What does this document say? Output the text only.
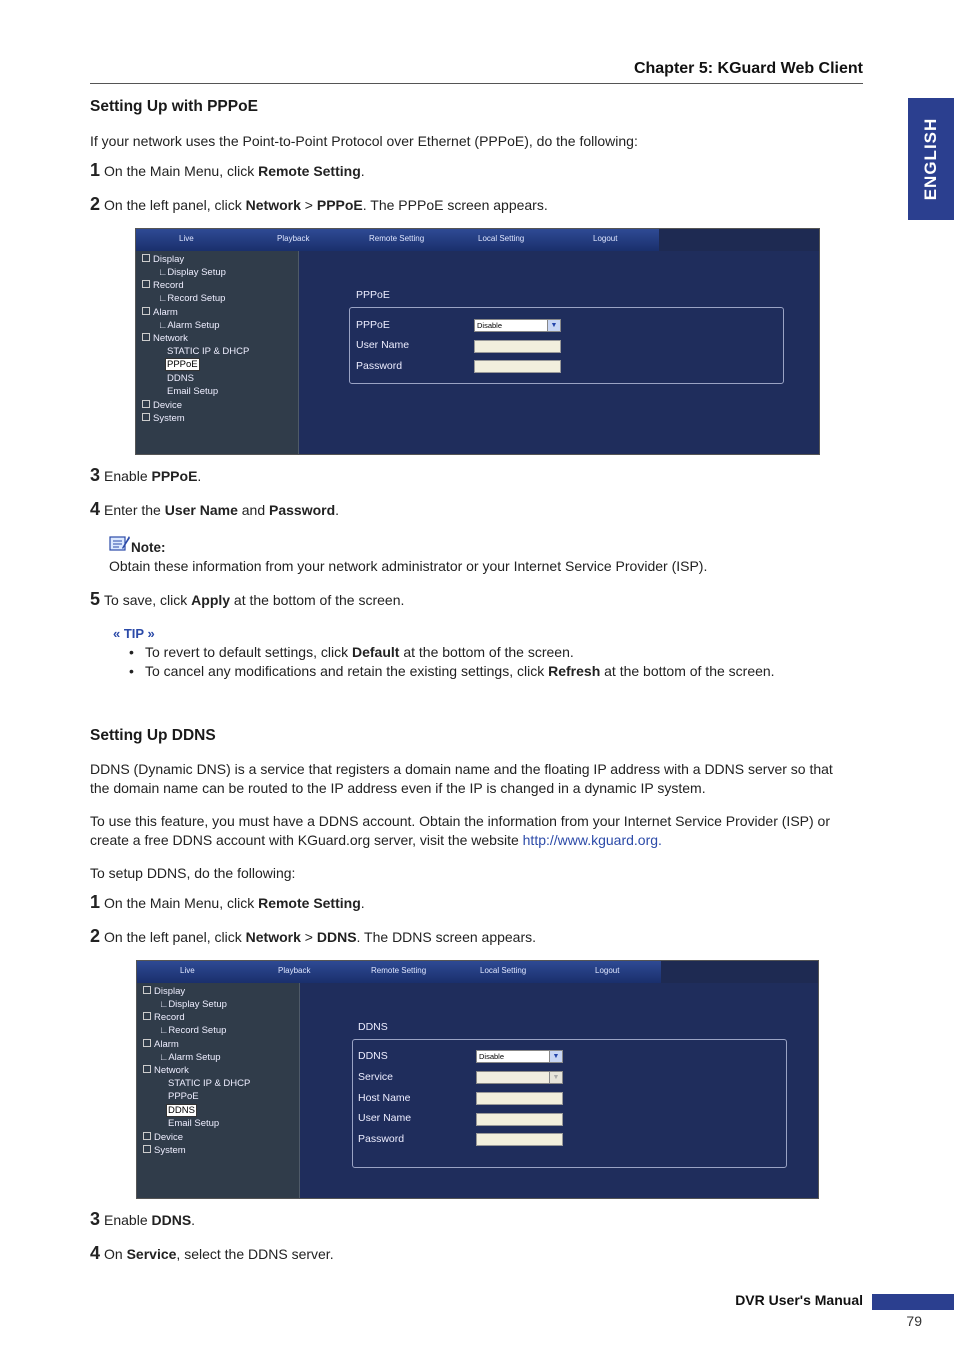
Chapter 5: KGuard Web Client
ENGLISH
Setting Up with PPPoE
If your network uses the Point-to-Point Protocol over Ethernet (PPPoE), do the following:
1 On the Main Menu, click Remote Setting.
2 On the left panel, click Network > PPPoE. The PPPoE screen appears.
Live	Playback	Remote Setting	Local Setting	Logout
Display
∟Display Setup
Record
∟Record Setup
Alarm
∟Alarm Setup
Network
STATIC IP & DHCP
PPPoE
DDNS
Email Setup
Device
System
PPPoE
PPPoE	Disable	▼
User Name
Password
3 Enable PPPoE.
4 Enter the User Name and Password.
Note:
Obtain these information from your network administrator or your Internet Service Provider (ISP).
5 To save, click Apply at the bottom of the screen.
« TIP »
• To revert to default settings, click Default at the bottom of the screen.
• To cancel any modifications and retain the existing settings, click Refresh at the bottom of the screen.
Setting Up DDNS
DDNS (Dynamic DNS) is a service that registers a domain name and the floating IP address with a DDNS server so that
the domain name can be routed to the IP address even if the IP is changed in a dynamic IP system.
To use this feature, you must have a DDNS account. Obtain the information from your Internet Service Provider (ISP) or
create a free DDNS account with KGuard.org server, visit the website http://www.kguard.org.
To setup DDNS, do the following:
1 On the Main Menu, click Remote Setting.
2 On the left panel, click Network > DDNS. The DDNS screen appears.
Live	Playback	Remote Setting	Local Setting	Logout
Display
∟Display Setup
Record
∟Record Setup
Alarm
∟Alarm Setup
Network
STATIC IP & DHCP
PPPoE
DDNS
Email Setup
Device
System
DDNS
DDNS	Disable	▼
Service	▼
Host Name
User Name
Password
3 Enable DDNS.
4 On Service, select the DDNS server.
DVR User's Manual
79
